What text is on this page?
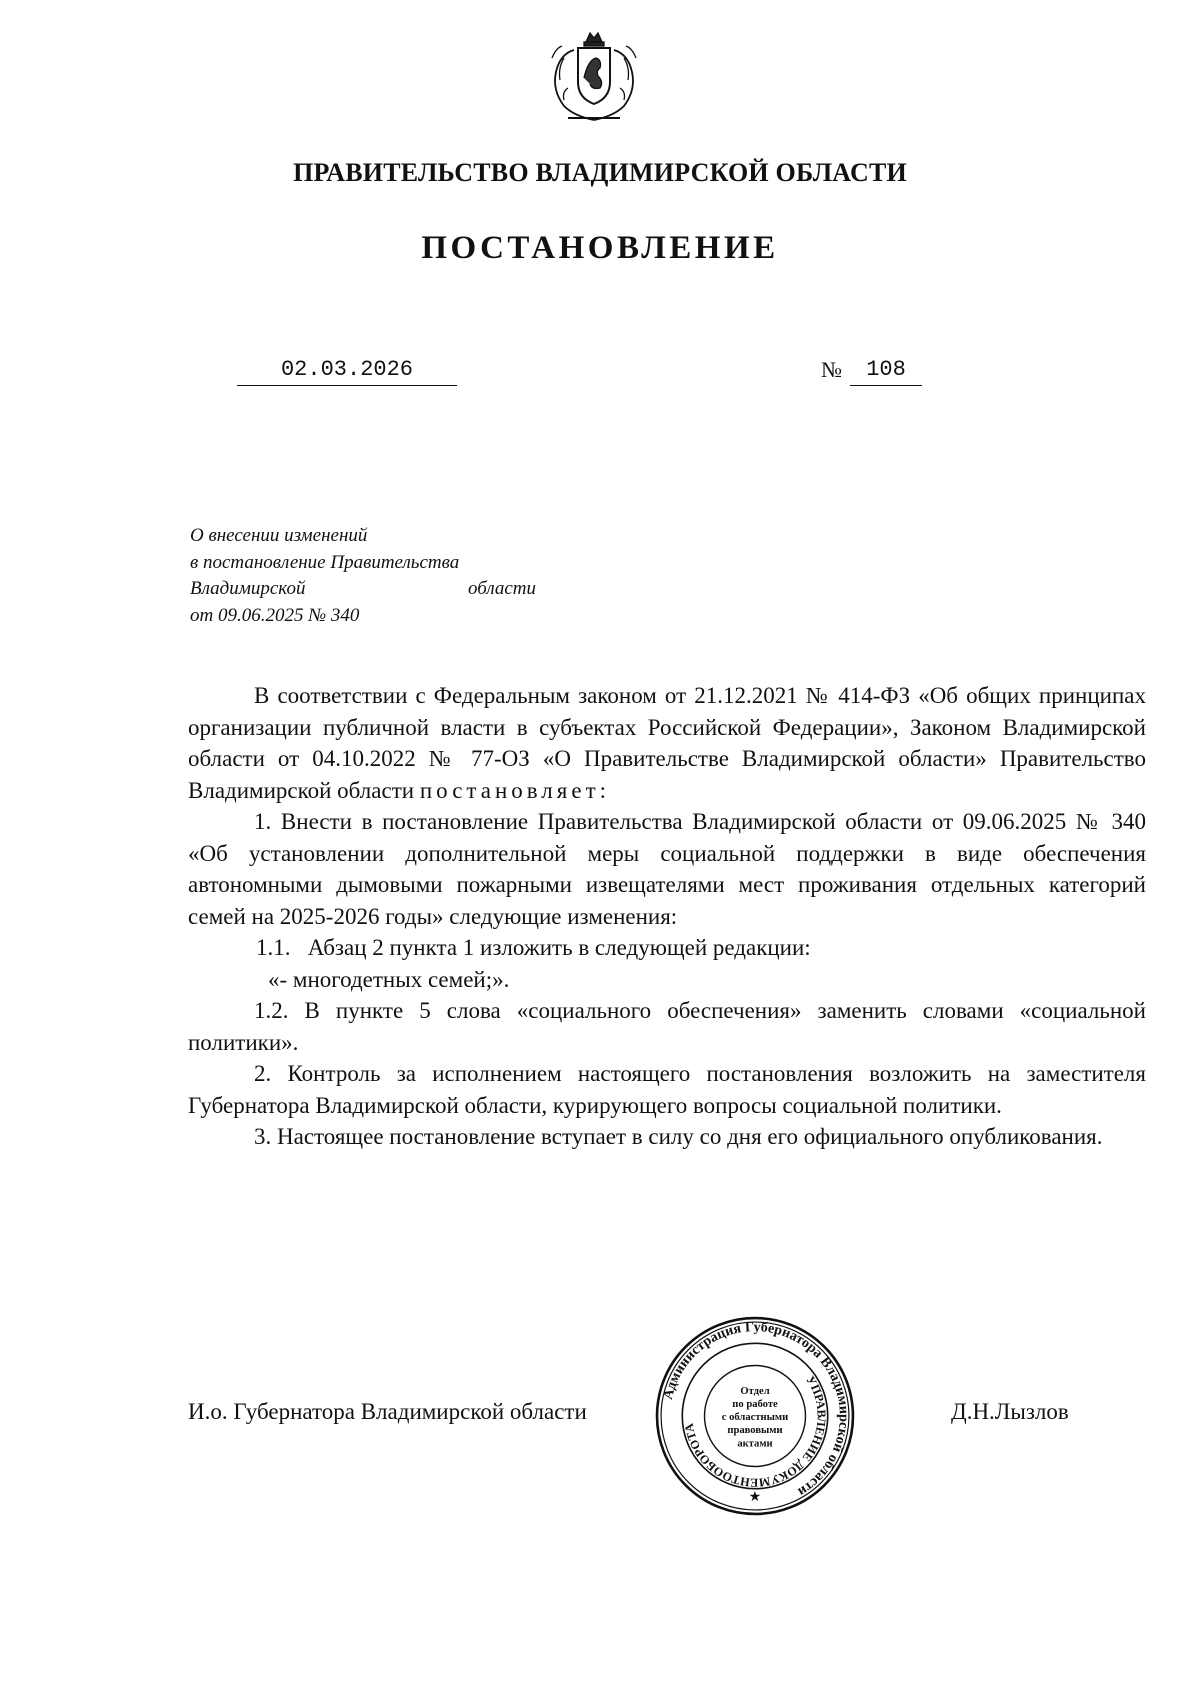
ПРАВИТЕЛЬСТВО ВЛАДИМИРСКОЙ ОБЛАСТИ
ПОСТАНОВЛЕНИЕ
02.03.2026	№	108
О внесении изменений
в постановление Правительства
Владимирской	области
от 09.06.2025 № 340

В соответствии с Федеральным законом от 21.12.2021 № 414-ФЗ «Об общих принципах организации публичной власти в субъектах Российской Федерации», Законом Владимирской области от 04.10.2022 № 77-ОЗ «О Правительстве Владимирской области» Правительство Владимирской области постановляет:

1. Внести в постановление Правительства Владимирской области от 09.06.2025 № 340 «Об установлении дополнительной меры социальной поддержки в виде обеспечения автономными дымовыми пожарными извещателями мест проживания отдельных категорий семей на 2025-2026 годы» следующие изменения:

1.1.   Абзац 2 пункта 1 изложить в следующей редакции:

«- многодетных семей;».

1.2. В пункте 5 слова «социального обеспечения» заменить словами «социальной политики».

2. Контроль за исполнением настоящего постановления возложить на заместителя Губернатора Владимирской области, курирующего вопросы социальной политики.

3. Настоящее постановление вступает в силу со дня его официального опубликования.

И.о. Губернатора Владимирской области	Д.Н.Лызлов
Администрация Губернатора Владимирской области
УПРАВЛЕНИЕ ДОКУМЕНТООБОРОТА
Отдел
по работе
с областными
правовыми
актами
★
